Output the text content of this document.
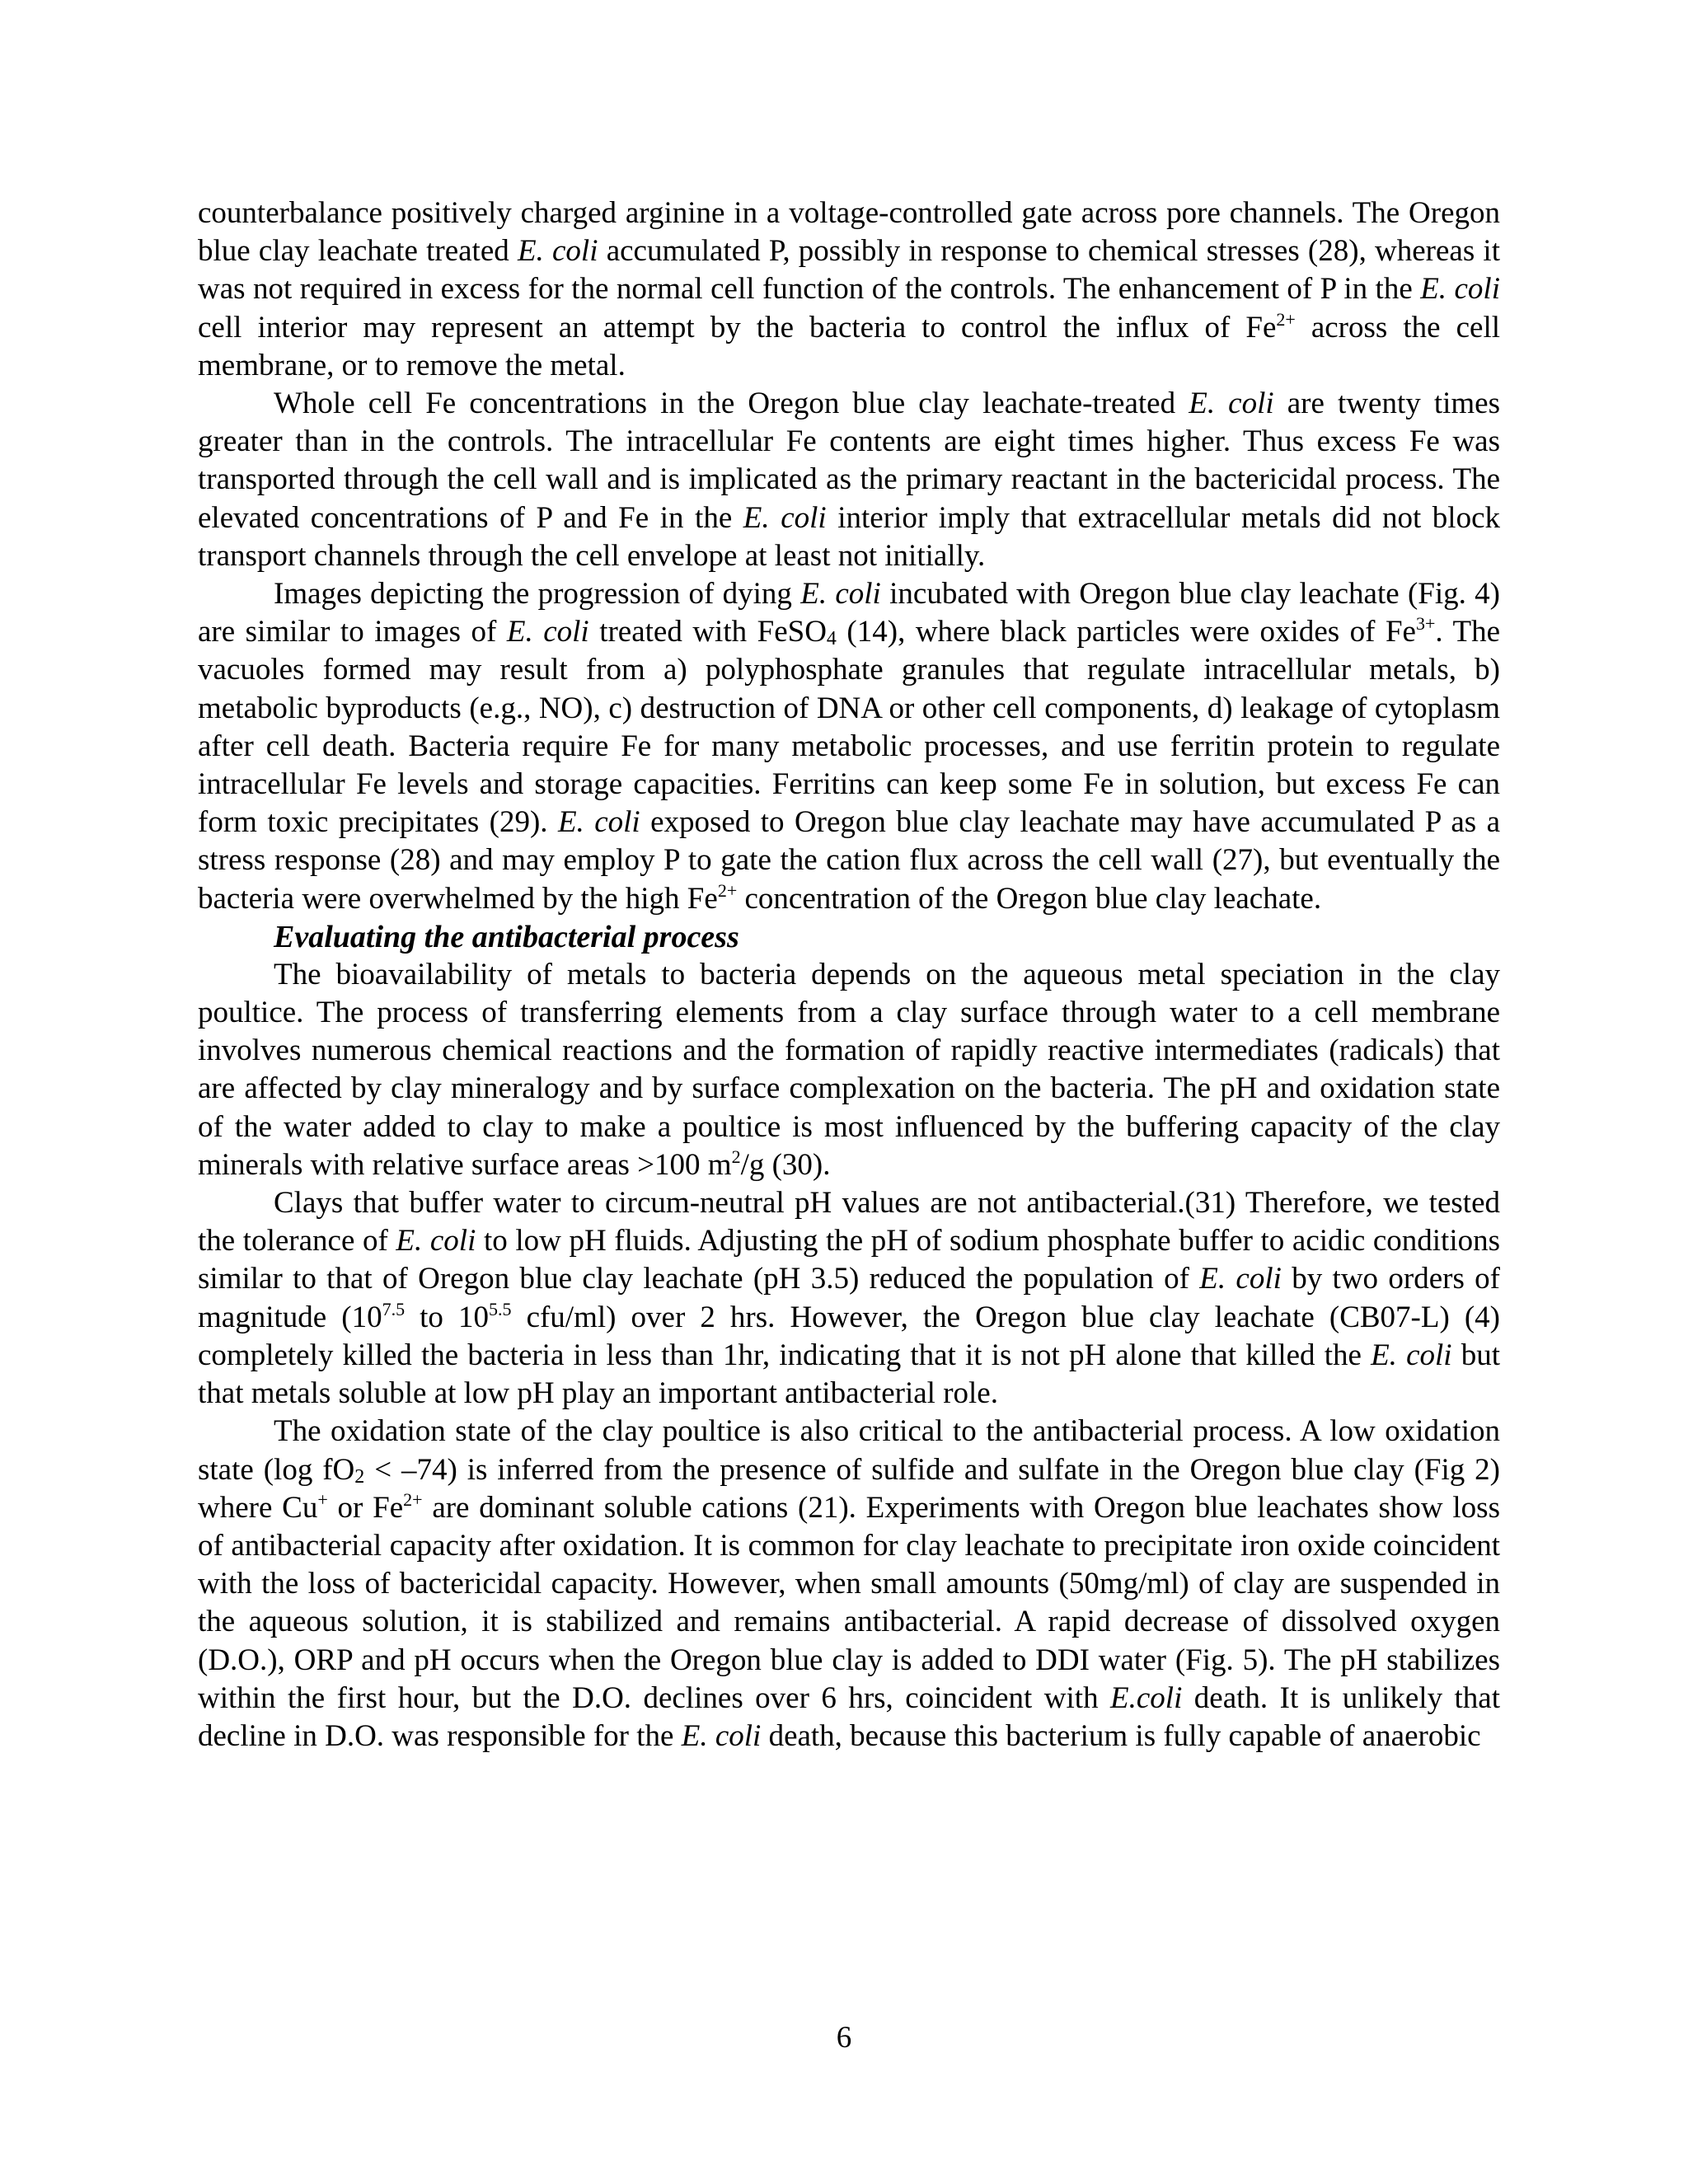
counterbalance positively charged arginine in a voltage-controlled gate across pore channels. The Oregon blue clay leachate treated E. coli accumulated P, possibly in response to chemical stresses (28), whereas it was not required in excess for the normal cell function of the controls. The enhancement of P in the E. coli cell interior may represent an attempt by the bacteria to control the influx of $Fe^{2+}$ across the cell membrane, or to remove the metal.

Whole cell Fe concentrations in the Oregon blue clay leachate-treated E. coli are twenty times greater than in the controls. The intracellular Fe contents are eight times higher. Thus excess Fe was transported through the cell wall and is implicated as the primary reactant in the bactericidal process. The elevated concentrations of P and Fe in the E. coli interior imply that extracellular metals did not block transport channels through the cell envelope at least not initially.

Images depicting the progression of dying E. coli incubated with Oregon blue clay leachate (Fig. 4) are similar to images of E. coli treated with FeSO$_4$ (14), where black particles were oxides of $Fe^{3+}$. The vacuoles formed may result from a) polyphosphate granules that regulate intracellular metals, b) metabolic byproducts (e.g., NO), c) destruction of DNA or other cell components, d) leakage of cytoplasm after cell death. Bacteria require Fe for many metabolic processes, and use ferritin protein to regulate intracellular Fe levels and storage capacities. Ferritins can keep some Fe in solution, but excess Fe can form toxic precipitates (29). E. coli exposed to Oregon blue clay leachate may have accumulated P as a stress response (28) and may employ P to gate the cation flux across the cell wall (27), but eventually the bacteria were overwhelmed by the high $Fe^{2+}$ concentration of the Oregon blue clay leachate.

Evaluating the antibacterial process

The bioavailability of metals to bacteria depends on the aqueous metal speciation in the clay poultice. The process of transferring elements from a clay surface through water to a cell membrane involves numerous chemical reactions and the formation of rapidly reactive intermediates (radicals) that are affected by clay mineralogy and by surface complexation on the bacteria. The pH and oxidation state of the water added to clay to make a poultice is most influenced by the buffering capacity of the clay minerals with relative surface areas >100 $m^2/g$ (30).

Clays that buffer water to circum-neutral pH values are not antibacterial.(31) Therefore, we tested the tolerance of E. coli to low pH fluids. Adjusting the pH of sodium phosphate buffer to acidic conditions similar to that of Oregon blue clay leachate (pH 3.5) reduced the population of E. coli by two orders of magnitude ($10^{7.5}$ to $10^{5.5}$ cfu/ml) over 2 hrs. However, the Oregon blue clay leachate (CB07-L) (4) completely killed the bacteria in less than 1hr, indicating that it is not pH alone that killed the E. coli but that metals soluble at low pH play an important antibacterial role.

The oxidation state of the clay poultice is also critical to the antibacterial process. A low oxidation state (log $fO_2 < -74$) is inferred from the presence of sulfide and sulfate in the Oregon blue clay (Fig 2) where Cu+ or $Fe^{2+}$ are dominant soluble cations (21). Experiments with Oregon blue leachates show loss of antibacterial capacity after oxidation. It is common for clay leachate to precipitate iron oxide coincident with the loss of bactericidal capacity. However, when small amounts (50mg/ml) of clay are suspended in the aqueous solution, it is stabilized and remains antibacterial. A rapid decrease of dissolved oxygen (D.O.), ORP and pH occurs when the Oregon blue clay is added to DDI water (Fig. 5). The pH stabilizes within the first hour, but the D.O. declines over 6 hrs, coincident with E.coli death. It is unlikely that decline in D.O. was responsible for the E. coli death, because this bacterium is fully capable of anaerobic

6
